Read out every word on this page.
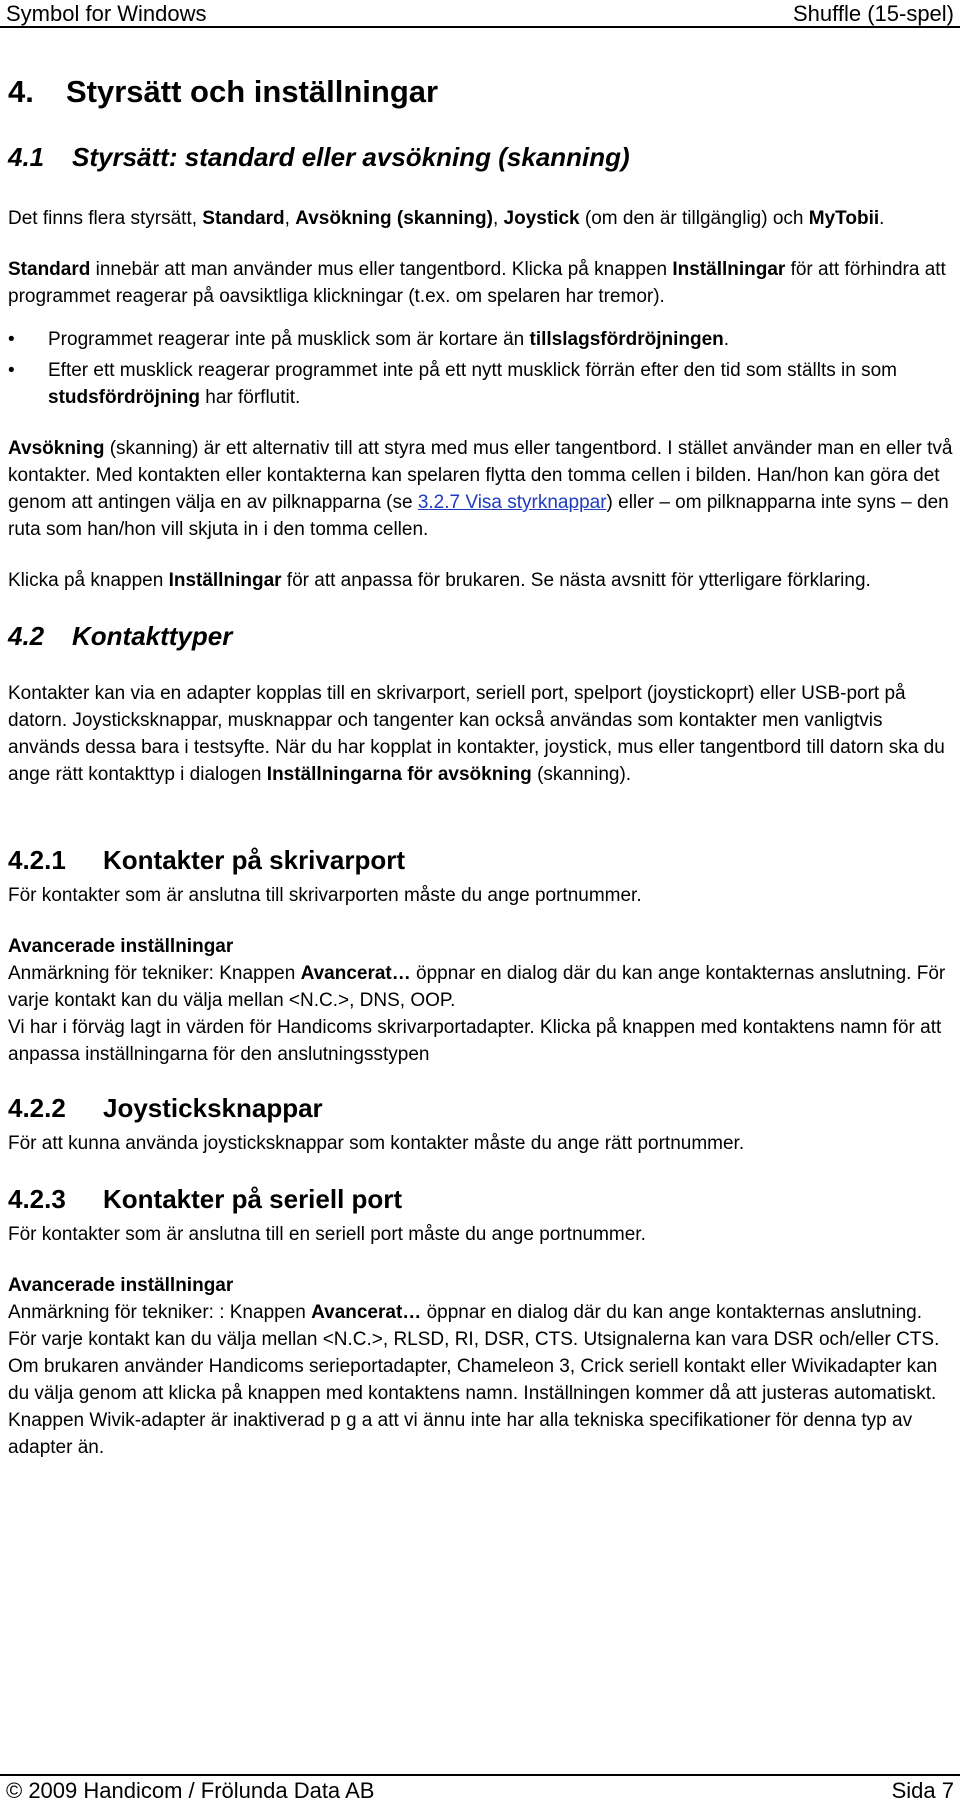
Symbol for Windows	Shuffle (15-spel)
4. Styrsätt och inställningar
4.1 Styrsätt: standard eller avsökning (skanning)

Det finns flera styrsätt, Standard, Avsökning (skanning), Joystick (om den är tillgänglig) och MyTobii.

Standard innebär att man använder mus eller tangentbord. Klicka på knappen Inställningar för att förhindra att programmet reagerar på oavsiktliga klickningar (t.ex. om spelaren har tremor).

• Programmet reagerar inte på musklick som är kortare än tillslagsfördröjningen.
• Efter ett musklick reagerar programmet inte på ett nytt musklick förrän efter den tid som ställts in som studsfördröjning har förflutit.

Avsökning (skanning) är ett alternativ till att styra med mus eller tangentbord. I stället använder man en eller två kontakter. Med kontakten eller kontakterna kan spelaren flytta den tomma cellen i bilden. Han/hon kan göra det genom att antingen välja en av pilknapparna (se 3.2.7 Visa styrknappar) eller – om pilknapparna inte syns – den ruta som han/hon vill skjuta in i den tomma cellen.

Klicka på knappen Inställningar för att anpassa för brukaren. Se nästa avsnitt för ytterligare förklaring.

4.2 Kontakttyper

Kontakter kan via en adapter kopplas till en skrivarport, seriell port, spelport (joystickoprt) eller USB-port på datorn. Joysticksknappar, musknappar och tangenter kan också användas som kontakter men vanligtvis används dessa bara i testsyfte. När du har kopplat in kontakter, joystick, mus eller tangentbord till datorn ska du ange rätt kontakttyp i dialogen Inställningarna för avsökning (skanning).

4.2.1 Kontakter på skrivarport

För kontakter som är anslutna till skrivarporten måste du ange portnummer.

Avancerade inställningar

Anmärkning för tekniker: Knappen Avancerat… öppnar en dialog där du kan ange kontakternas anslutning. För varje kontakt kan du välja mellan <N.C.>, DNS, OOP.

Vi har i förväg lagt in värden för Handicoms skrivarportadapter. Klicka på knappen med kontaktens namn för att anpassa inställningarna för den anslutningsstypen

4.2.2 Joysticksknappar

För att kunna använda joysticksknappar som kontakter måste du ange rätt portnummer.

4.2.3 Kontakter på seriell port

För kontakter som är anslutna till en seriell port måste du ange portnummer.

Avancerade inställningar

Anmärkning för tekniker: : Knappen Avancerat… öppnar en dialog där du kan ange kontakternas anslutning. För varje kontakt kan du välja mellan <N.C.>, RLSD, RI, DSR, CTS. Utsignalerna kan vara DSR och/eller CTS. Om brukaren använder Handicoms serieportadapter, Chameleon 3, Crick seriell kontakt eller Wivikadapter kan du välja genom att klicka på knappen med kontaktens namn. Inställningen kommer då att justeras automatiskt. Knappen Wivik-adapter är inaktiverad p g a att vi ännu inte har alla tekniska specifikationer för denna typ av adapter än.

© 2009 Handicom / Frölunda Data AB	Sida 7
